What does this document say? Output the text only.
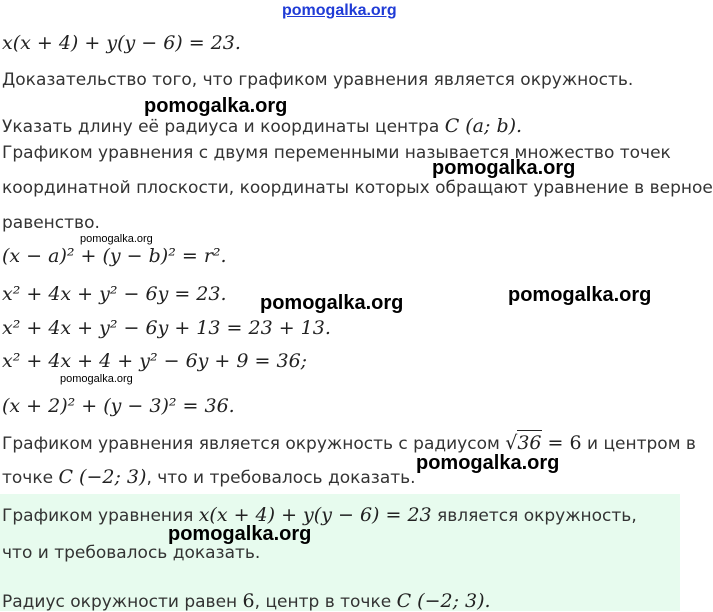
pomogalka.org
x(x + 4) + y(y − 6) = 23.
Доказательство того, что графиком уравнения является окружность.
pomogalka.org
Указать длину её радиуса и координаты центра C (a; b).
Графиком уравнения с двумя переменными называется множество точек
pomogalka.org
координатной плоскости, координаты которых обращают уравнение в верное
равенство.
pomogalka.org
(x − a)² + (y − b)² = r².
x² + 4x + y² − 6y = 23. pomogalka.org	pomogalka.org
x² + 4x + y² − 6y + 13 = 23 + 13.
x² + 4x + 4 + y² − 6y + 9 = 36;
pomogalka.org
(x + 2)² + (y − 3)² = 36.
Графиком уравнения является окружность с радиусом √36 = 6 и центром в
pomogalka.org
точке C (−2; 3), что и требовалось доказать.
Графиком уравнения x(x + 4) + y(y − 6) = 23 является окружность,
pomogalka.org
что и требовалось доказать.
Радиус окружности равен 6, центр в точке C (−2; 3).
